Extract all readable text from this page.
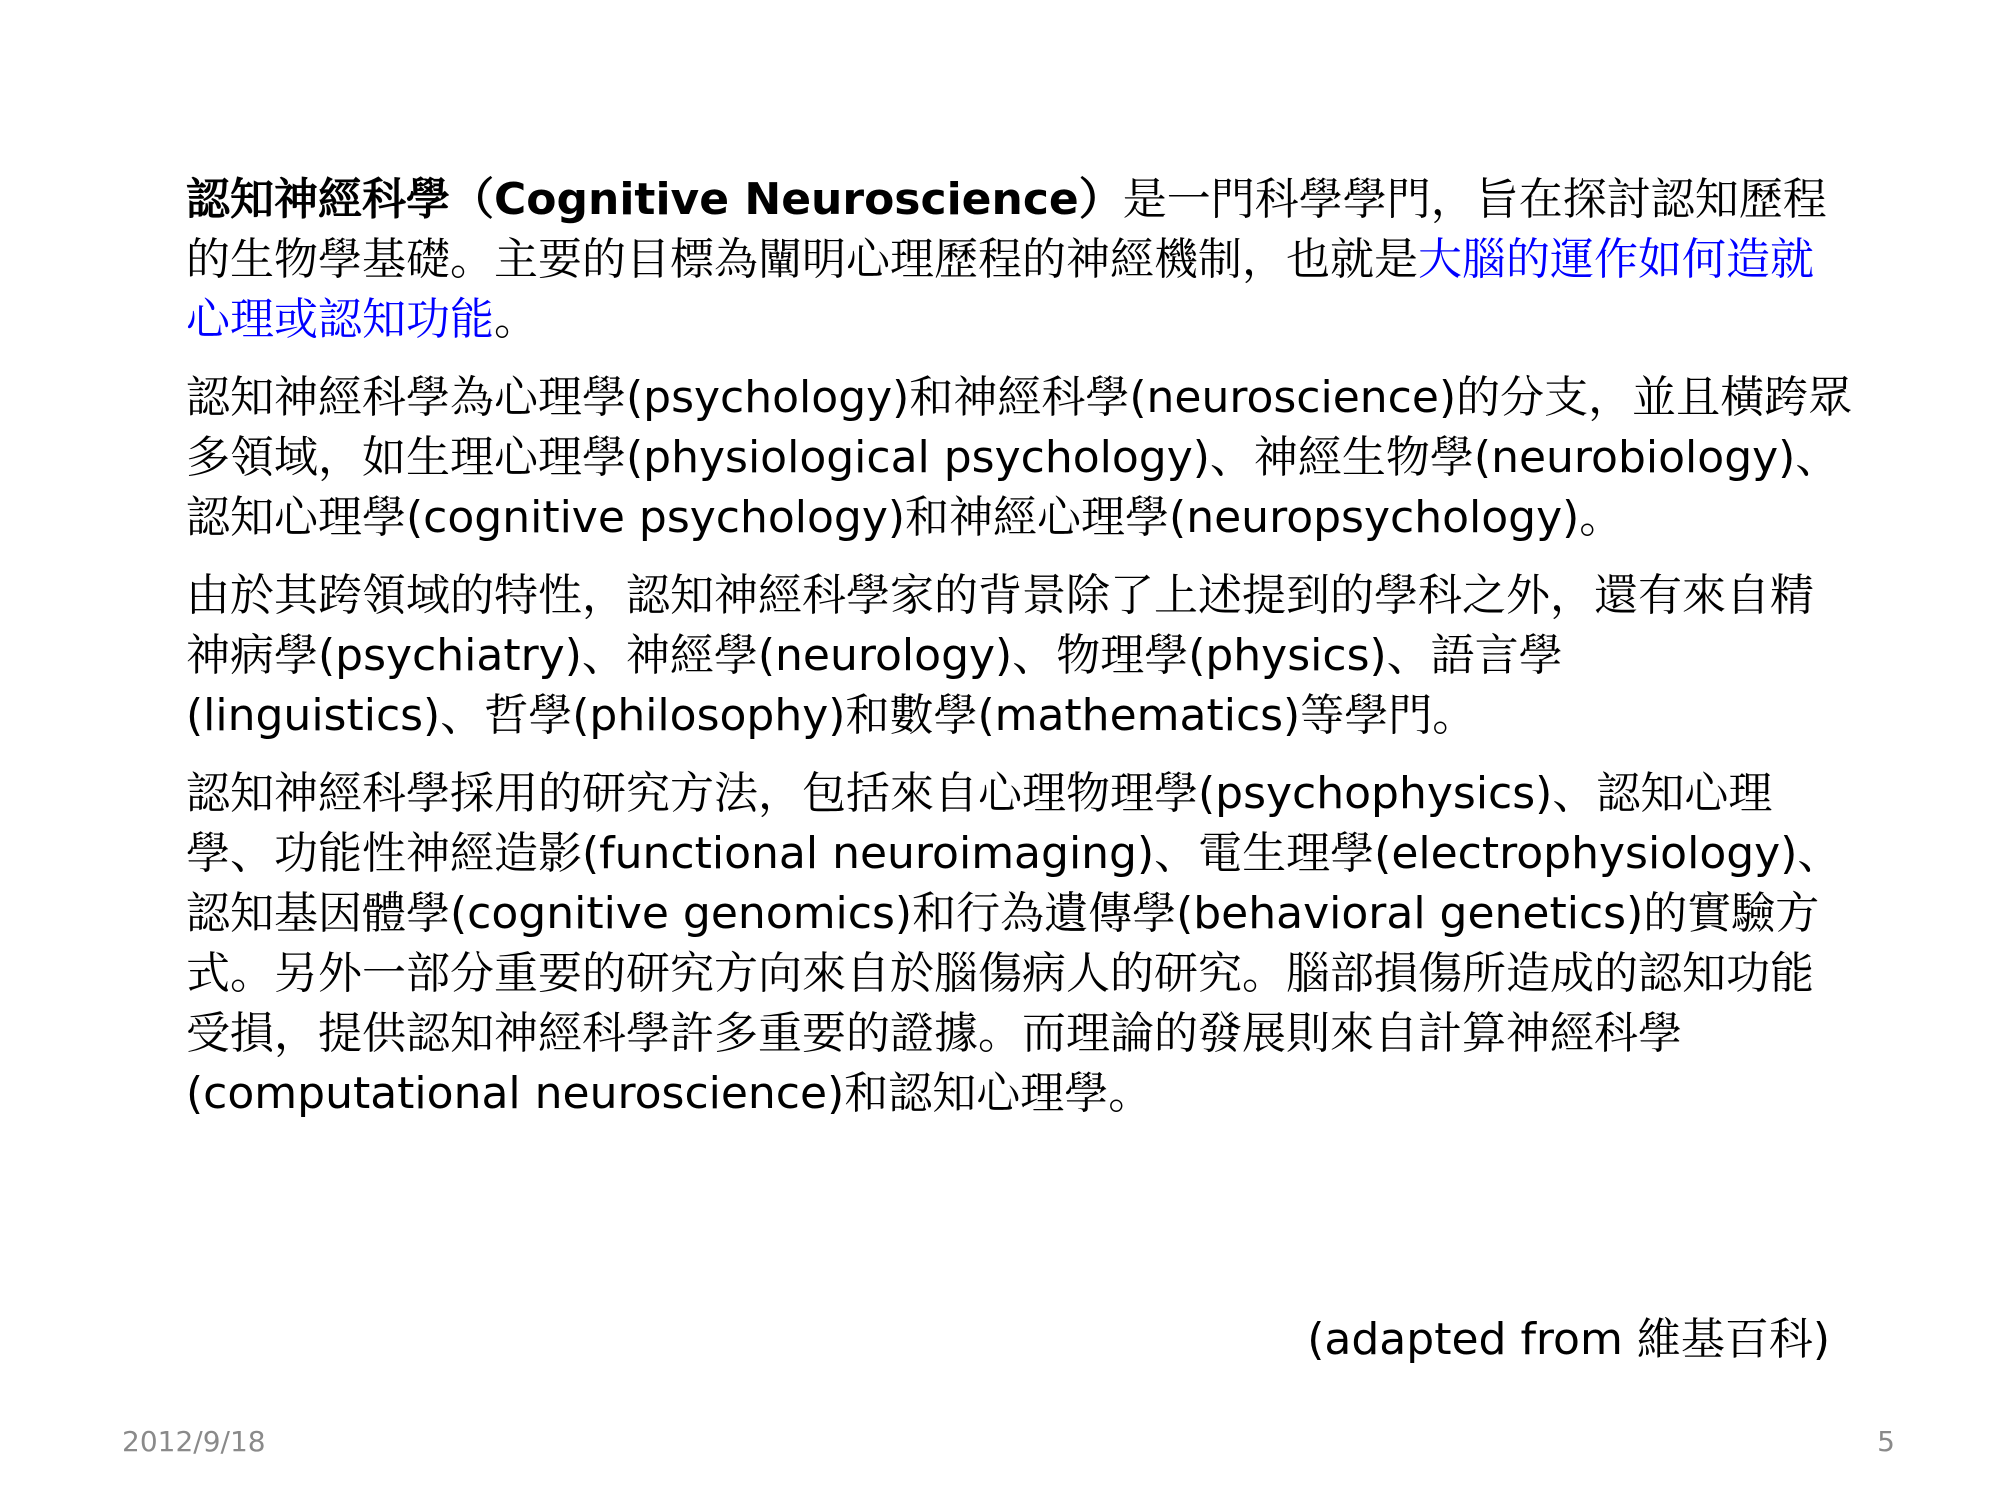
認知神經科學（Cognitive Neuroscience）是一門科學學門，旨在探討認知歷程的生物學基礎。主要的目標為闡明心理歷程的神經機制，也就是大腦的運作如何造就心理或認知功能。

認知神經科學為心理學(psychology)和神經科學(neuroscience)的分支，並且橫跨眾多領域，如生理心理學(physiological psychology)、神經生物學(neurobiology)、認知心理學(cognitive psychology)和神經心理學(neuropsychology)。

由於其跨領域的特性，認知神經科學家的背景除了上述提到的學科之外，還有來自精神病學(psychiatry)、神經學(neurology)、物理學(physics)、語言學(linguistics)、哲學(philosophy)和數學(mathematics)等學門。

認知神經科學採用的研究方法，包括來自心理物理學(psychophysics)、認知心理學、功能性神經造影(functional neuroimaging)、電生理學(electrophysiology)、認知基因體學(cognitive genomics)和行為遺傳學(behavioral genetics)的實驗方式。另外一部分重要的研究方向來自於腦傷病人的研究。腦部損傷所造成的認知功能受損，提供認知神經科學許多重要的證據。而理論的發展則來自計算神經科學(computational neuroscience)和認知心理學。

(adapted from 維基百科)
2012/9/18	5
